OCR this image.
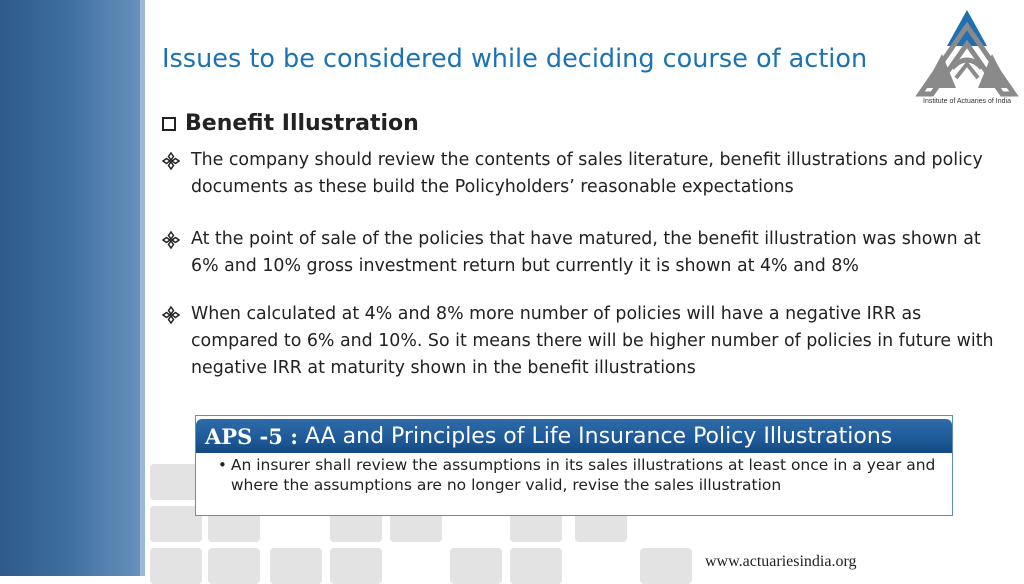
Issues to be considered while deciding course of action
Institute of Actuaries of India
Benefit Illustration
The company should review the contents of sales literature, benefit illustrations and policy documents as these build the Policyholders’ reasonable expectations
At the point of sale of the policies that have matured, the benefit illustration was shown at 6% and 10% gross investment return but currently it is shown at 4% and 8%
When calculated at 4% and 8% more number of policies will have a negative IRR as compared to 6% and 10%. So it means there will be higher number of policies in future with negative IRR at maturity shown in the benefit illustrations
APS -5 : AA and Principles of Life Insurance Policy Illustrations
• An insurer shall review the assumptions in its sales illustrations at least once in a year and where the assumptions are no longer valid, revise the sales illustration
www.actuariesindia.org
